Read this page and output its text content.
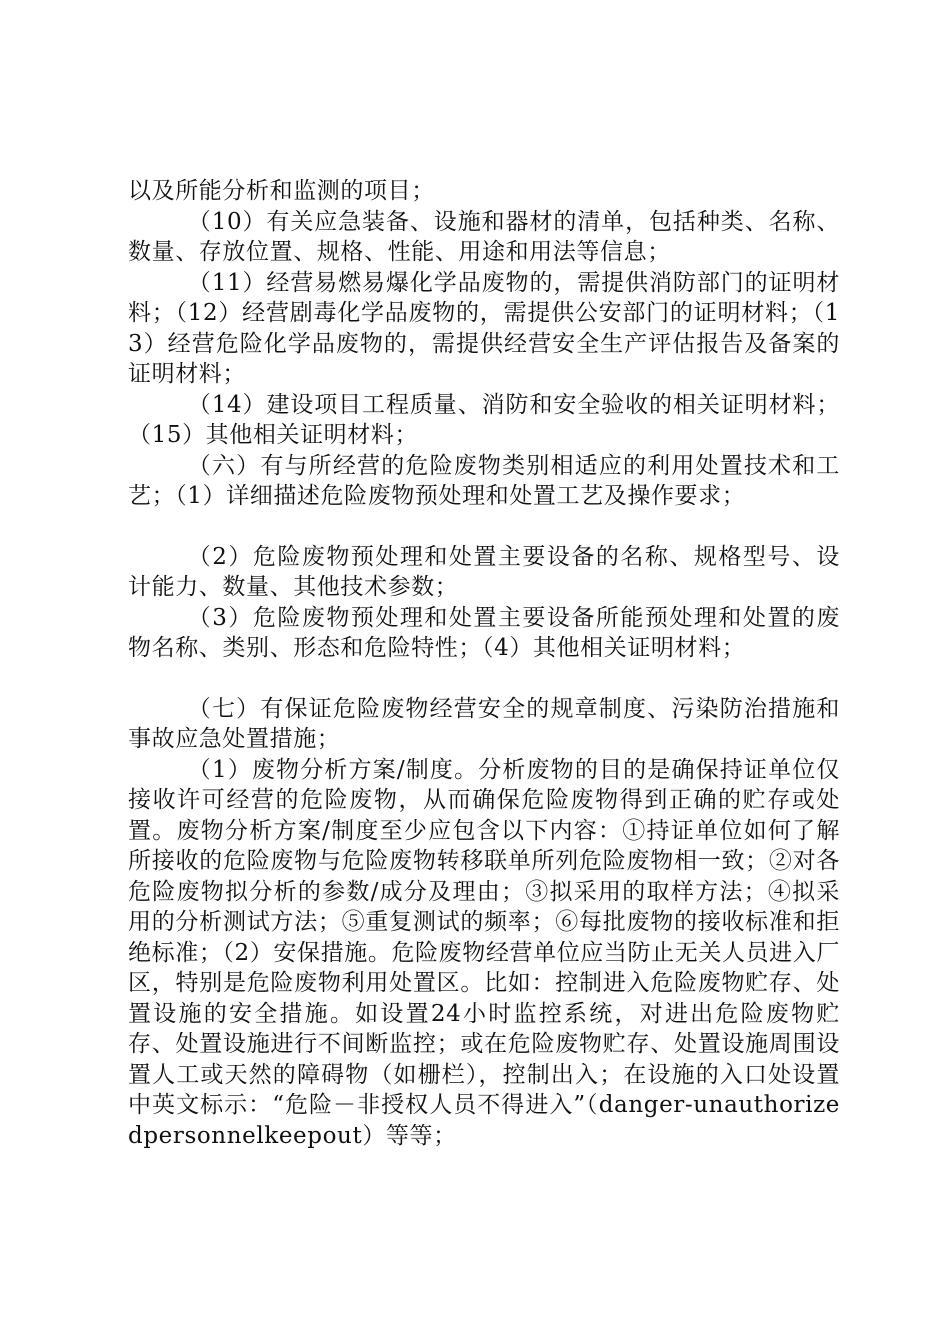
以及所能分析和监测的项目；

（10）有关应急装备、设施和器材的清单，包括种类、名称、数量、存放位置、规格、性能、用途和用法等信息；

（11）经营易燃易爆化学品废物的，需提供消防部门的证明材料；（12）经营剧毒化学品废物的，需提供公安部门的证明材料；（13）经营危险化学品废物的，需提供经营安全生产评估报告及备案的证明材料；

（14）建设项目工程质量、消防和安全验收的相关证明材料；（15）其他相关证明材料；

（六）有与所经营的危险废物类别相适应的利用处置技术和工艺；（1）详细描述危险废物预处理和处置工艺及操作要求；

（2）危险废物预处理和处置主要设备的名称、规格型号、设计能力、数量、其他技术参数；

（3）危险废物预处理和处置主要设备所能预处理和处置的废物名称、类别、形态和危险特性；（4）其他相关证明材料；

（七）有保证危险废物经营安全的规章制度、污染防治措施和事故应急处置措施；

（1）废物分析方案/制度。分析废物的目的是确保持证单位仅接收许可经营的危险废物，从而确保危险废物得到正确的贮存或处置。废物分析方案/制度至少应包含以下内容：①持证单位如何了解所接收的危险废物与危险废物转移联单所列危险废物相一致；②对各危险废物拟分析的参数/成分及理由；③拟采用的取样方法；④拟采用的分析测试方法；⑤重复测试的频率；⑥每批废物的接收标准和拒绝标准；（2）安保措施。危险废物经营单位应当防止无关人员进入厂区，特别是危险废物利用处置区。比如：控制进入危险废物贮存、处置设施的安全措施。如设置24小时监控系统，对进出危险废物贮存、处置设施进行不间断监控；或在危险废物贮存、处置设施周围设置人工或天然的障碍物（如栅栏），控制出入；在设施的入口处设置中英文标示：“危险－非授权人员不得进入”（danger-unauthorizedpersonnelkeepout）等等；
